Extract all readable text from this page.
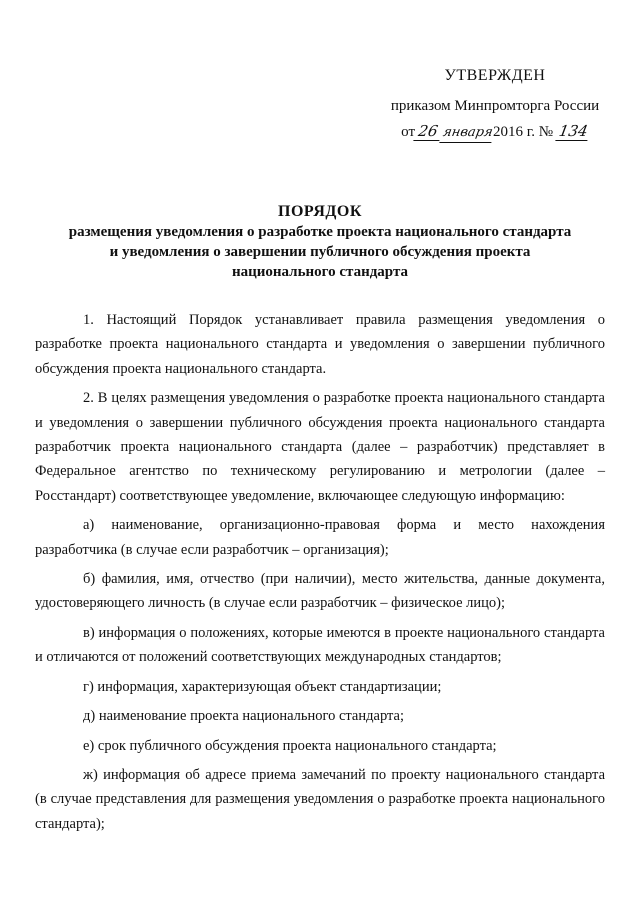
УТВЕРЖДЕН
приказом Минпромторга России
от 26 января2016 г. № 134
ПОРЯДОК
размещения уведомления о разработке проекта национального стандарта
и уведомления о завершении публичного обсуждения проекта
национального стандарта

1. Настоящий Порядок устанавливает правила размещения уведомления о разработке проекта национального стандарта и уведомления о завершении публичного обсуждения проекта национального стандарта.

2. В целях размещения уведомления о разработке проекта национального стандарта и уведомления о завершении публичного обсуждения проекта национального стандарта разработчик проекта национального стандарта (далее – разработчик) представляет в Федеральное агентство по техническому регулированию и метрологии (далее – Росстандарт) соответствующее уведомление, включающее следующую информацию:

а) наименование, организационно-правовая форма и место нахождения разработчика (в случае если разработчик – организация);

б) фамилия, имя, отчество (при наличии), место жительства, данные документа, удостоверяющего личность (в случае если разработчик – физическое лицо);

в) информация о положениях, которые имеются в проекте национального стандарта и отличаются от положений соответствующих международных стандартов;

г) информация, характеризующая объект стандартизации;

д) наименование проекта национального стандарта;

е) срок публичного обсуждения проекта национального стандарта;

ж) информация об адресе приема замечаний по проекту национального стандарта (в случае представления для размещения уведомления о разработке проекта национального стандарта);
